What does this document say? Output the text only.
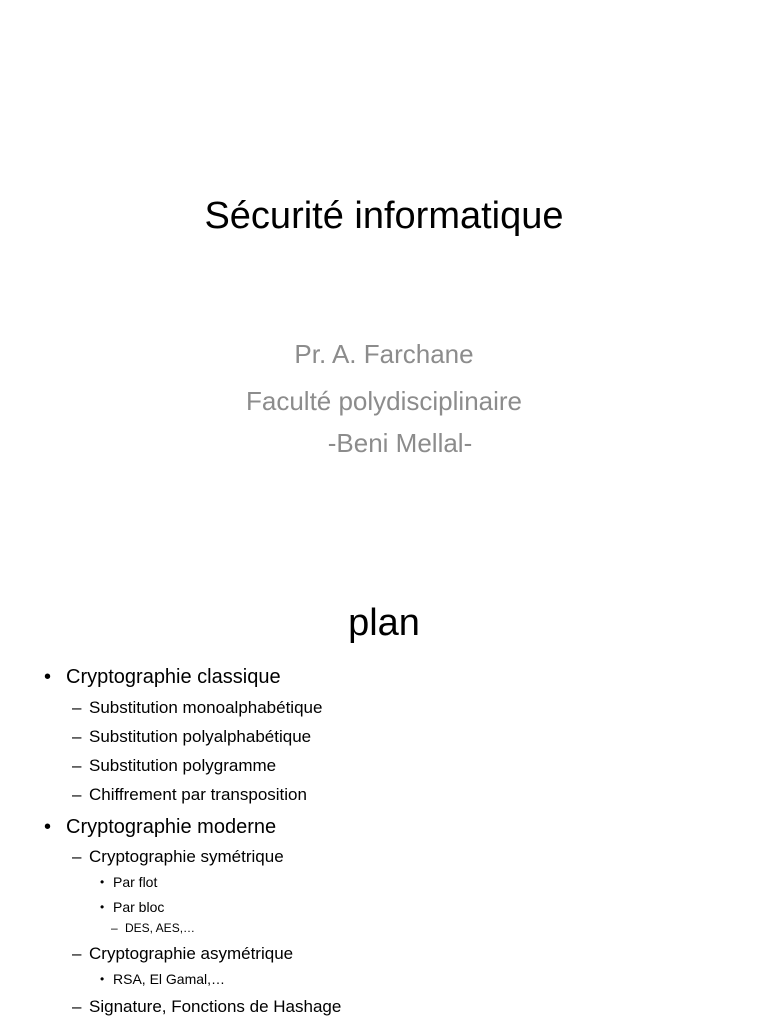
Sécurité informatique
Pr. A. Farchane
Faculté polydisciplinaire
-Beni Mellal-
plan
• Cryptographie classique
– Substitution monoalphabétique
– Substitution polyalphabétique
– Substitution polygramme
– Chiffrement par transposition
• Cryptographie moderne
– Cryptographie symétrique
• Par flot
• Par bloc
– DES, AES,…
– Cryptographie asymétrique
• RSA, El Gamal,…
– Signature, Fonctions de Hashage
